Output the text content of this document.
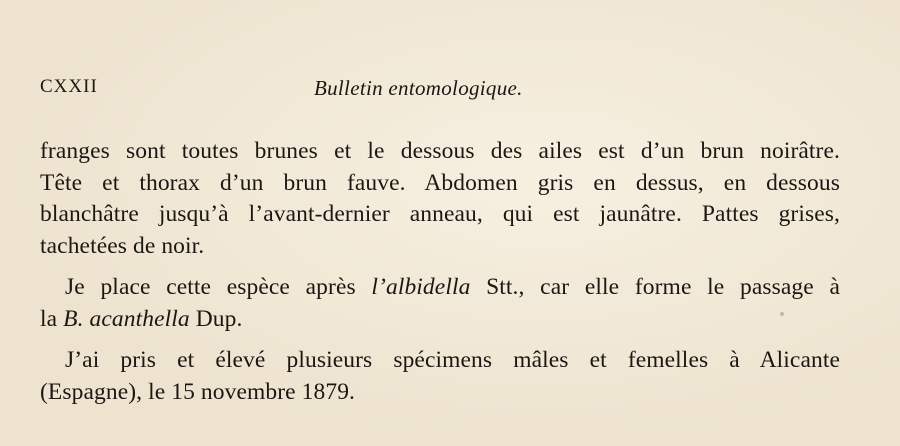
CXXII	Bulletin entomologique.
franges sont toutes brunes et le dessous des ailes est d’un brun noirâtre.
Tête et thorax d’un brun fauve. Abdomen gris en dessus, en dessous
blanchâtre jusqu’à l’avant-dernier anneau, qui est jaunâtre. Pattes grises,
tachetées de noir.
Je place cette espèce après l’albidella Stt., car elle forme le passage à
la B. acanthella Dup.
J’ai pris et élevé plusieurs spécimens mâles et femelles à Alicante
(Espagne), le 15 novembre 1879.
